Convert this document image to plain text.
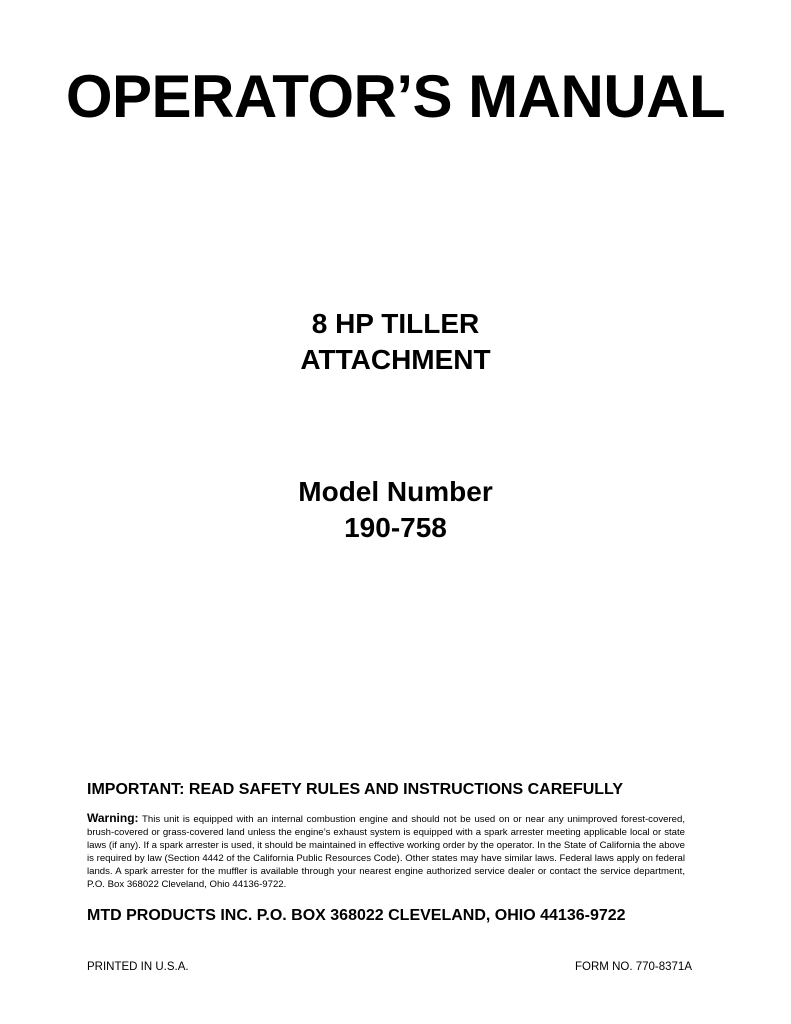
OPERATOR’S MANUAL
8 HP TILLER
ATTACHMENT
Model Number
190-758
IMPORTANT: READ SAFETY RULES AND INSTRUCTIONS CAREFULLY
Warning: This unit is equipped with an internal combustion engine and should not be used on or near any unimproved forest-covered, brush-covered or grass-covered land unless the engine’s exhaust system is equipped with a spark arrester meeting applicable local or state laws (if any). If a spark arrester is used, it should be maintained in effective working order by the operator. In the State of California the above is required by law (Section 4442 of the California Public Resources Code). Other states may have similar laws. Federal laws apply on federal lands. A spark arrester for the muffler is available through your nearest engine authorized service dealer or contact the service department, P.O. Box 368022 Cleveland, Ohio 44136-9722.
MTD PRODUCTS INC. P.O. BOX 368022 CLEVELAND, OHIO 44136-9722
PRINTED IN U.S.A.	FORM NO. 770-8371A
